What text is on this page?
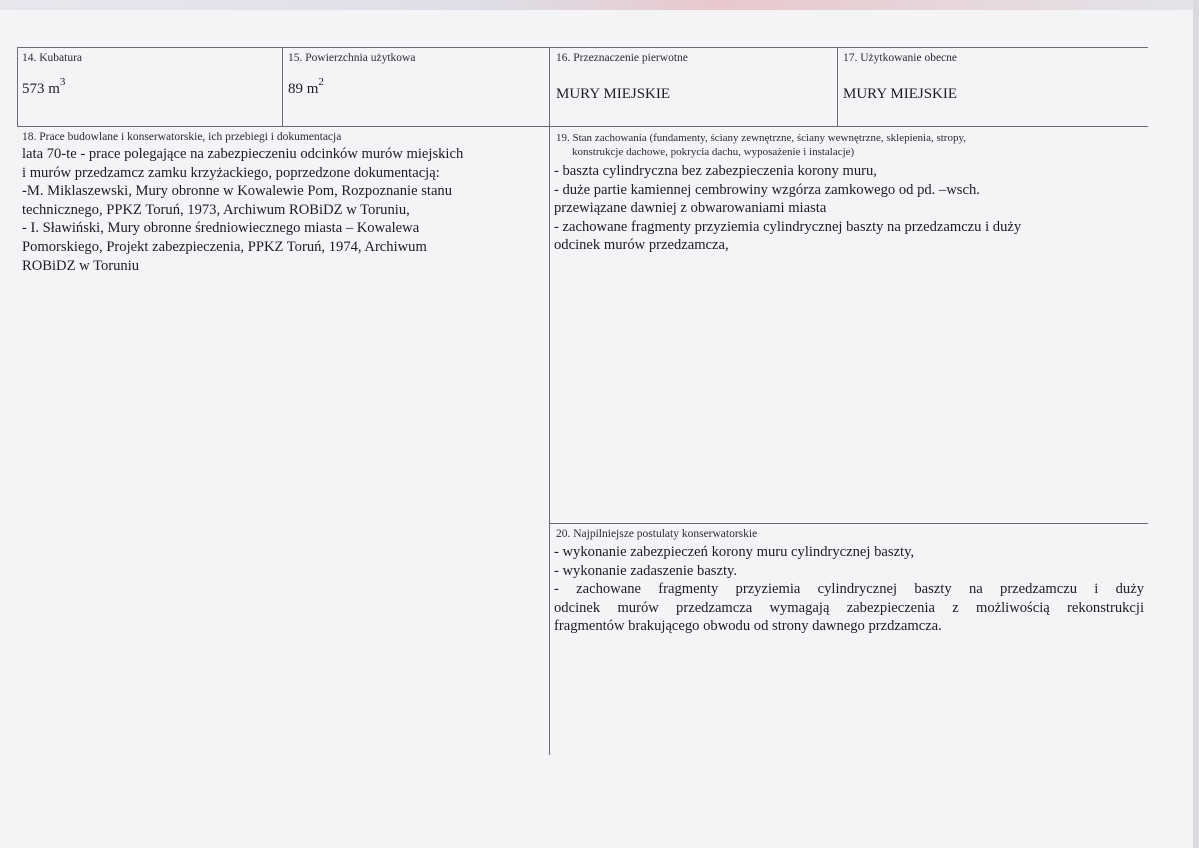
14. Kubatura
573 $m^3$
15. Powierzchnia użytkowa
89 $m^2$
16. Przeznaczenie pierwotne
MURY MIEJSKIE
17. Użytkowanie obecne
MURY MIEJSKIE
18. Prace budowlane i konserwatorskie, ich przebiegi i dokumentacja
lata 70-te - prace polegające na zabezpieczeniu odcinków murów miejskich
i murów przedzamcz zamku krzyżackiego, poprzedzone dokumentacją:
-M. Miklaszewski, Mury obronne w Kowalewie Pom, Rozpoznanie stanu
technicznego, PPKZ Toruń, 1973, Archiwum ROBiDZ w Toruniu,
- I. Sławiński, Mury obronne średniowiecznego miasta – Kowalewa
Pomorskiego, Projekt zabezpieczenia, PPKZ Toruń, 1974, Archiwum
ROBiDZ w Toruniu
19. Stan zachowania (fundamenty, ściany zewnętrzne, ściany wewnętrzne, sklepienia, stropy,
konstrukcje dachowe, pokrycia dachu, wyposażenie i instalacje)
- baszta cylindryczna bez zabezpieczenia korony muru,
- duże partie kamiennej cembrowiny wzgórza zamkowego od pd. –wsch.
przewiązane dawniej z obwarowaniami miasta
- zachowane fragmenty przyziemia cylindrycznej baszty na przedzamczu i duży
odcinek murów przedzamcza,
20. Najpilniejsze postulaty konserwatorskie
- wykonanie zabezpieczeń korony muru cylindrycznej baszty,
- wykonanie zadaszenie baszty.
- zachowane fragmenty przyziemia cylindrycznej baszty na przedzamczu i duży
odcinek murów przedzamcza wymagają zabezpieczenia z możliwością rekonstrukcji
fragmentów brakującego obwodu od strony dawnego przdzamcza.
